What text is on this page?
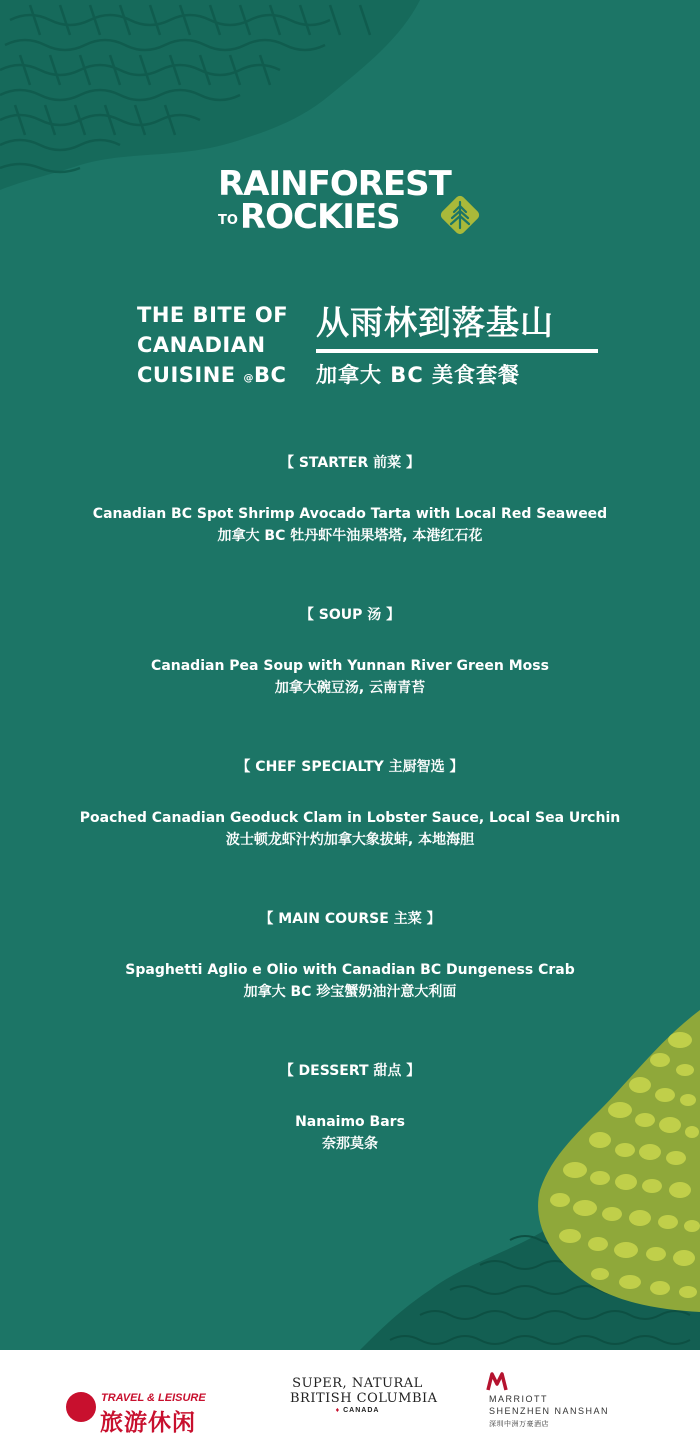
RAINFOREST
TOROCKIES
THE BITE OF
CANADIAN
CUISINE @BC
从雨林到落基山
加拿大 BC 美食套餐
【 STARTER 前菜 】
Canadian BC Spot Shrimp Avocado Tarta with Local Red Seaweed
加拿大 BC 牡丹虾牛油果塔塔, 本港红石花
【 SOUP 汤 】
Canadian Pea Soup with Yunnan River Green Moss
加拿大碗豆汤, 云南青苔
【 CHEF SPECIALTY 主厨智选 】
Poached Canadian Geoduck Clam in Lobster Sauce, Local Sea Urchin
波士顿龙虾汁灼加拿大象拔蚌, 本地海胆
【 MAIN COURSE 主菜 】
Spaghetti Aglio e Olio with Canadian BC Dungeness Crab
加拿大 BC 珍宝蟹奶油汁意大利面
【 DESSERT 甜点 】
Nanaimo Bars
奈那莫条
TRAVEL & LEISURE
旅游休闲
SUPER, NATURAL
BRITISH COLUMBIA
♦ CANADA
MARRIOTT
SHENZHEN NANSHAN
深圳中洲万豪酒店
